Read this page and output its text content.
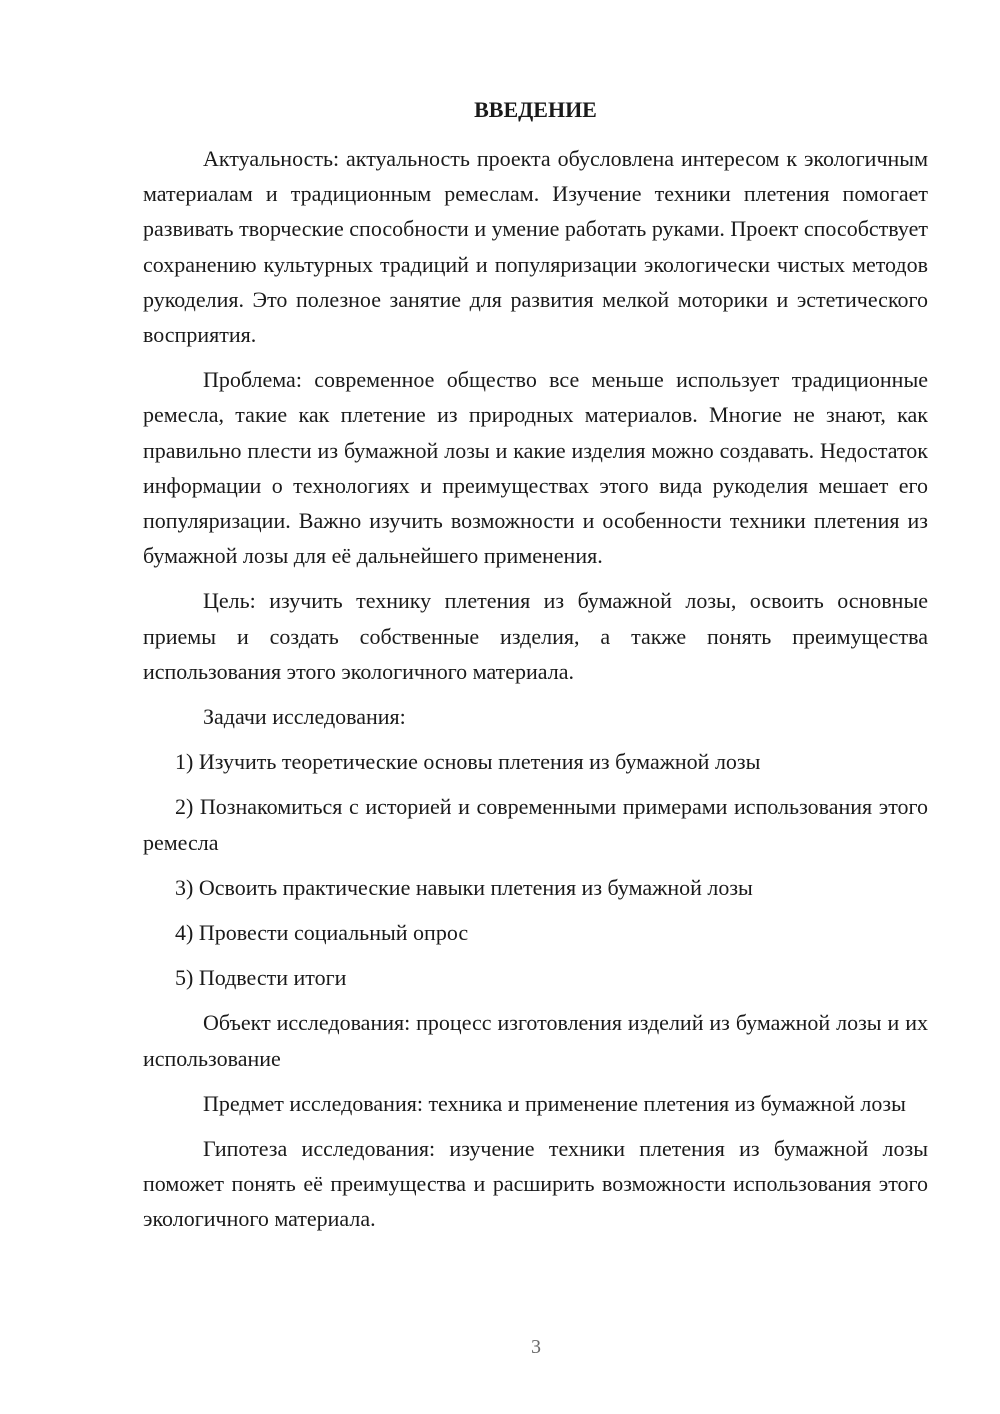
ВВЕДЕНИЕ

Актуальность: актуальность проекта обусловлена интересом к экологичным материалам и традиционным ремеслам. Изучение техники плетения помогает развивать творческие способности и умение работать руками. Проект способствует сохранению культурных традиций и популяризации экологически чистых методов рукоделия. Это полезное занятие для развития мелкой моторики и эстетического восприятия.

Проблема: современное общество все меньше использует традиционные ремесла, такие как плетение из природных материалов. Многие не знают, как правильно плести из бумажной лозы и какие изделия можно создавать. Недостаток информации о технологиях и преимуществах этого вида рукоделия мешает его популяризации. Важно изучить возможности и особенности техники плетения из бумажной лозы для её дальнейшего применения.

Цель: изучить технику плетения из бумажной лозы, освоить основные приемы и создать собственные изделия, а также понять преимущества использования этого экологичного материала.

Задачи исследования:

1) Изучить теоретические основы плетения из бумажной лозы

2) Познакомиться с историей и современными примерами использования этого ремесла

3) Освоить практические навыки плетения из бумажной лозы

4) Провести социальный опрос

5) Подвести итоги

Объект исследования: процесс изготовления изделий из бумажной лозы и их использование

Предмет исследования: техника и применение плетения из бумажной лозы

Гипотеза исследования: изучение техники плетения из бумажной лозы поможет понять её преимущества и расширить возможности использования этого экологичного материала.

3
